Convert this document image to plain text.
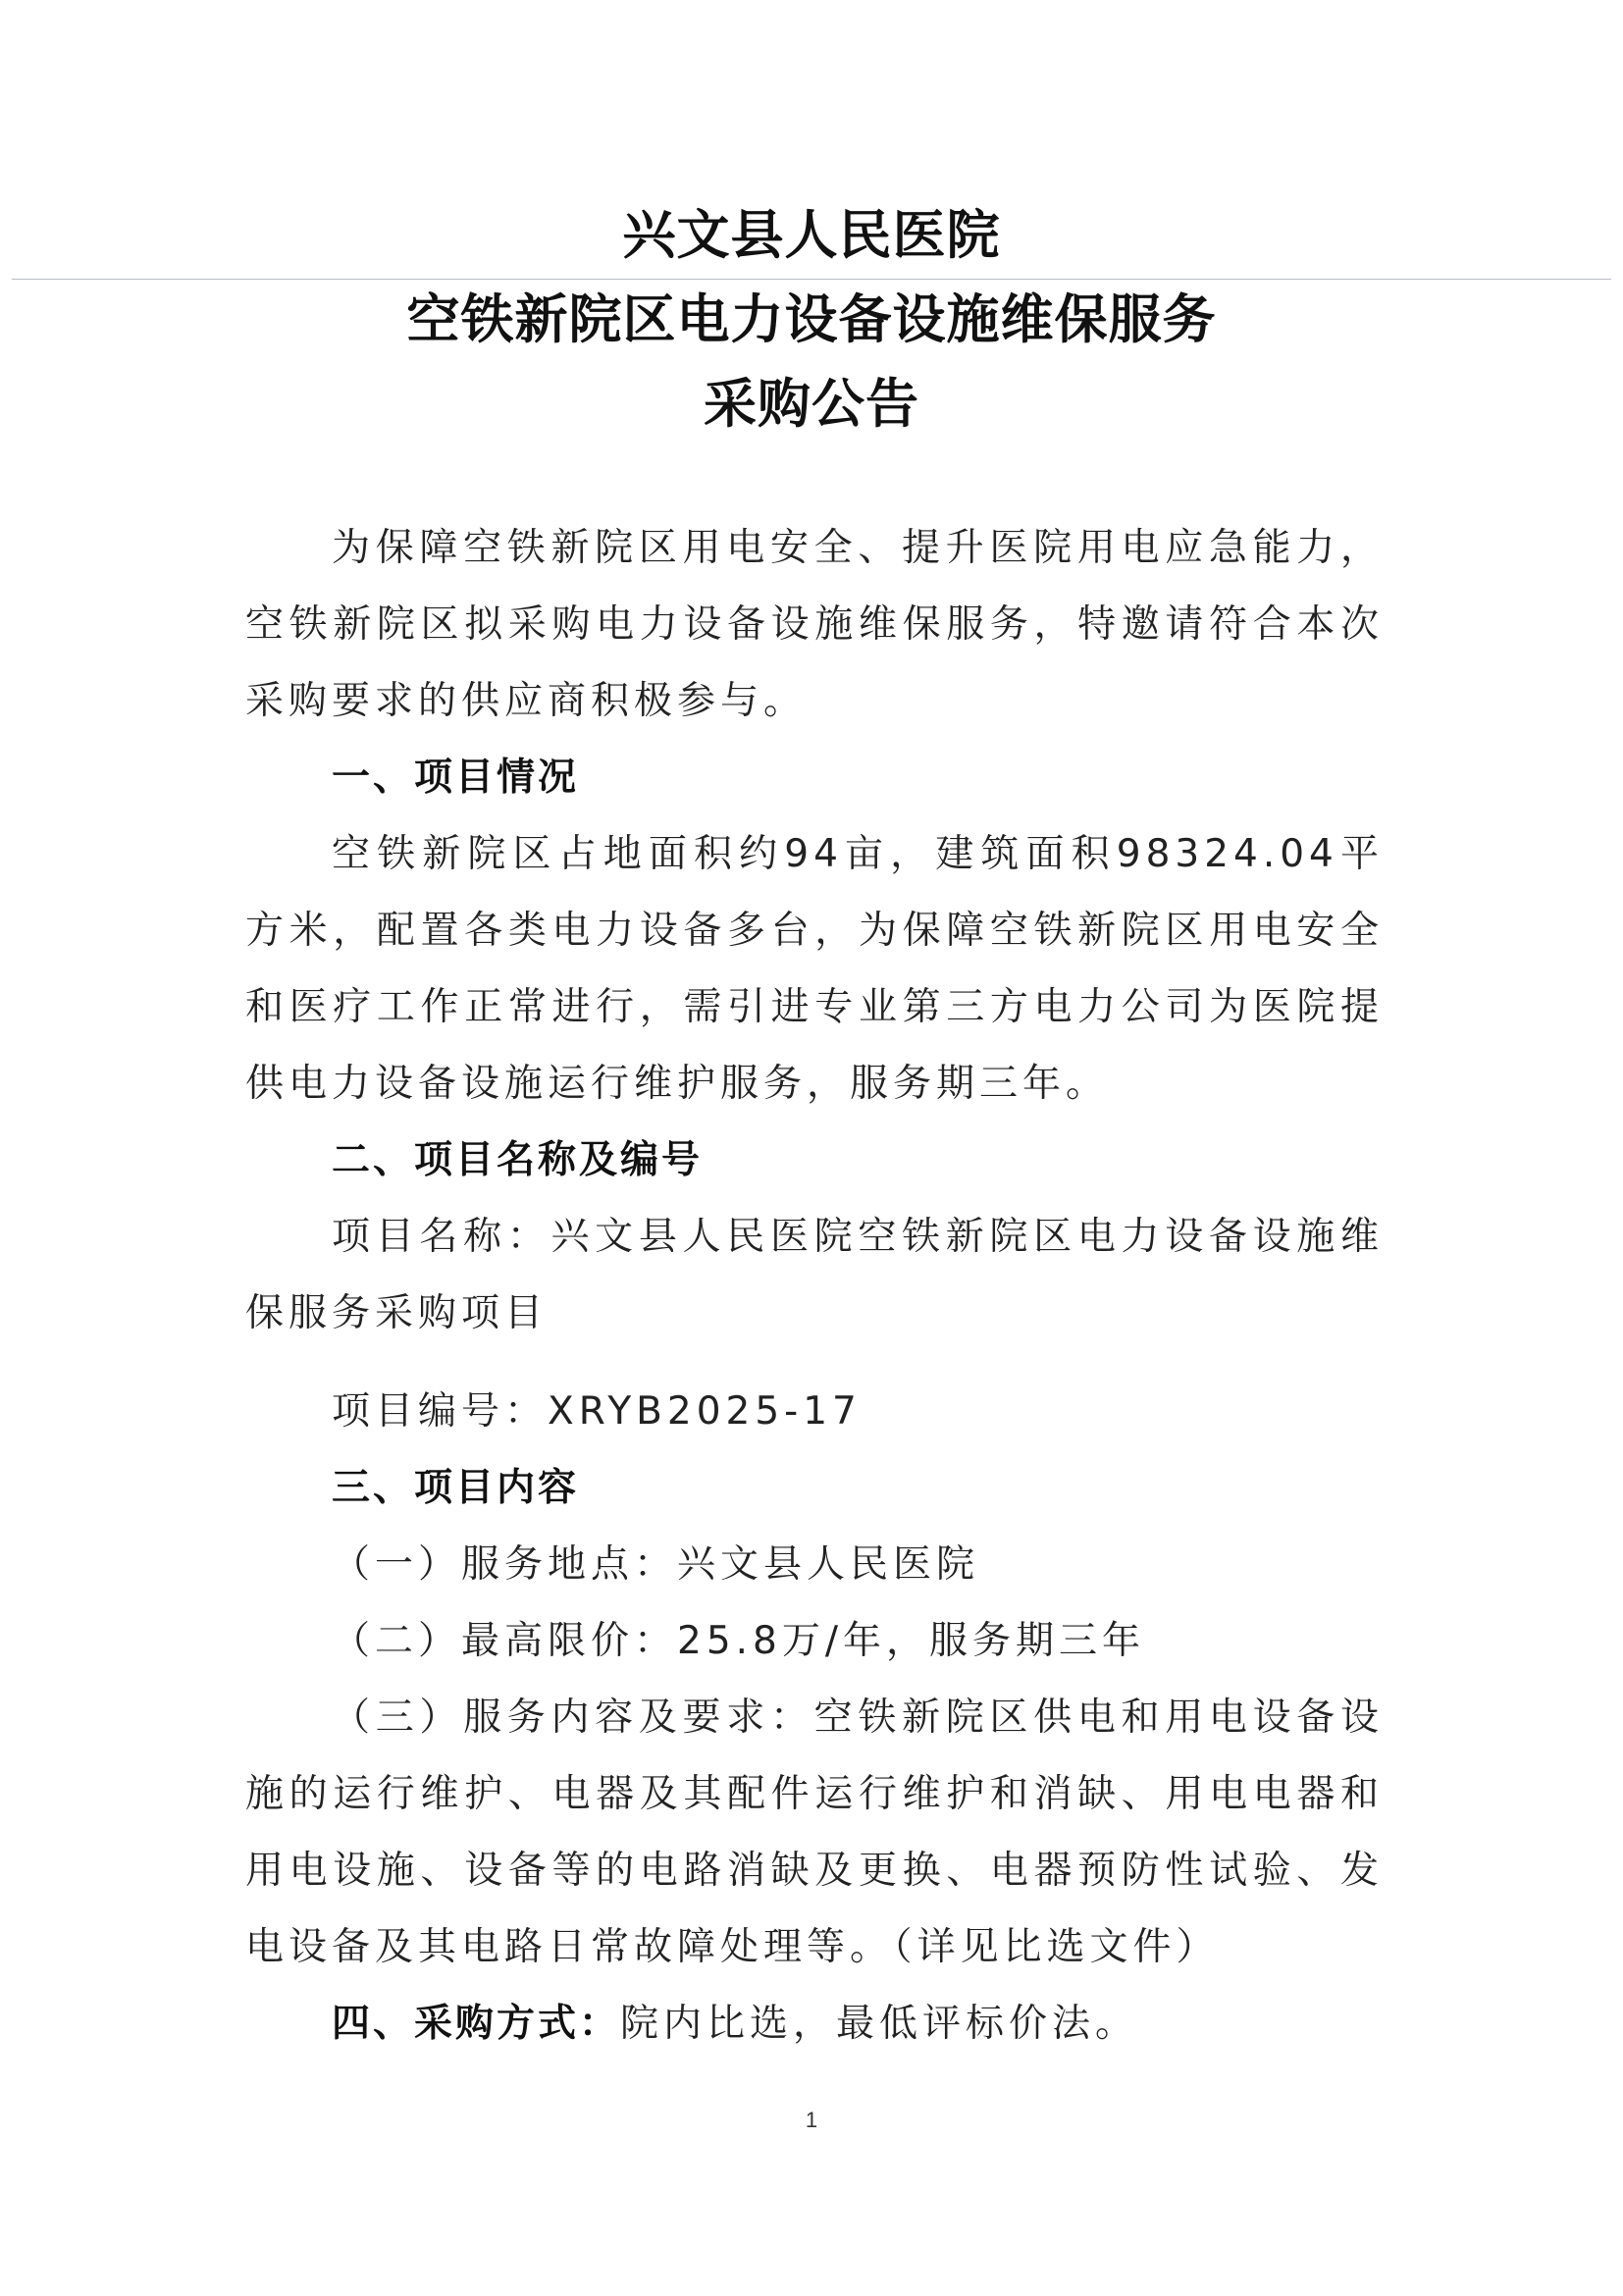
兴文县人民医院
空铁新院区电力设备设施维保服务
采购公告

为保障空铁新院区用电安全、提升医院用电应急能力，空铁新院区拟采购电力设备设施维保服务，特邀请符合本次采购要求的供应商积极参与。

一、项目情况

空铁新院区占地面积约94亩，建筑面积98324.04平方米，配置各类电力设备多台，为保障空铁新院区用电安全和医疗工作正常进行，需引进专业第三方电力公司为医院提供电力设备设施运行维护服务，服务期三年。

二、项目名称及编号

项目名称：兴文县人民医院空铁新院区电力设备设施维保服务采购项目

项目编号：XRYB2025-17

三、项目内容

（一）服务地点：兴文县人民医院

（二）最高限价：25.8万/年，服务期三年

（三）服务内容及要求：空铁新院区供电和用电设备设施的运行维护、电器及其配件运行维护和消缺、用电电器和用电设施、设备等的电路消缺及更换、电器预防性试验、发电设备及其电路日常故障处理等。（详见比选文件）

四、采购方式：院内比选，最低评标价法。

1
